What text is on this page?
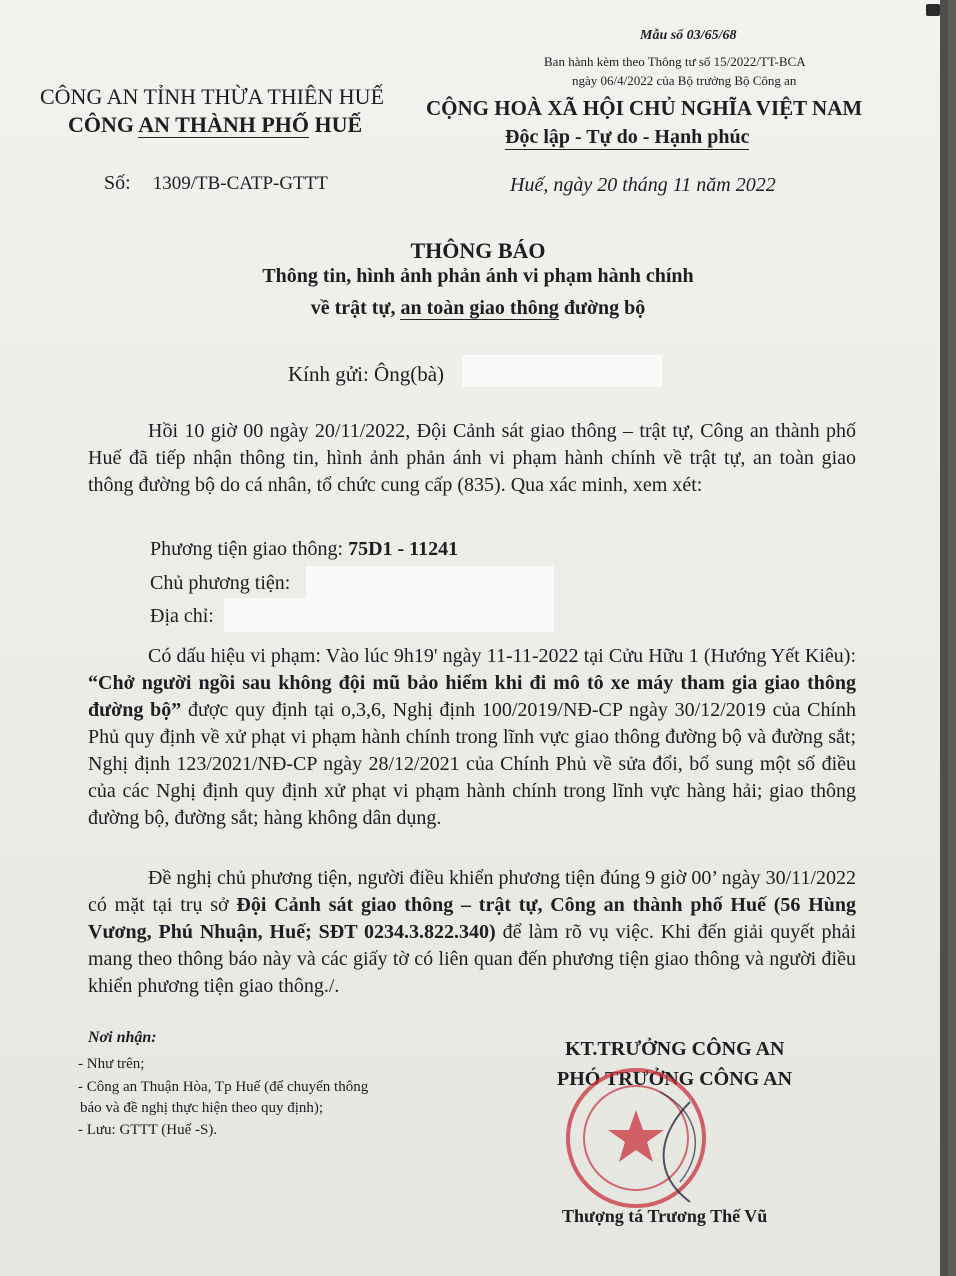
Mẫu số 03/65/68
Ban hành kèm theo Thông tư số 15/2022/TT-BCA
ngày 06/4/2022 của Bộ trưởng Bộ Công an
CÔNG AN TỈNH THỪA THIÊN HUẾ
CÔNG AN THÀNH PHỐ HUẾ
CỘNG HOÀ XÃ HỘI CHỦ NGHĨA VIỆT NAM
Độc lập - Tự do - Hạnh phúc
Số: 1309/TB-CATP-GTTT	Huế, ngày 20 tháng 11 năm 2022
THÔNG BÁO
Thông tin, hình ảnh phản ánh vi phạm hành chính
về trật tự, an toàn giao thông đường bộ
Kính gửi: Ông(bà)
Hồi 10 giờ 00 ngày 20/11/2022, Đội Cảnh sát giao thông – trật tự, Công an thành phố Huế đã tiếp nhận thông tin, hình ảnh phản ánh vi phạm hành chính về trật tự, an toàn giao thông đường bộ do cá nhân, tổ chức cung cấp (835). Qua xác minh, xem xét:
Phương tiện giao thông: 75D1 - 11241
Chủ phương tiện:
Địa chỉ:
Có dấu hiệu vi phạm: Vào lúc 9h19' ngày 11-11-2022 tại Cửu Hữu 1 (Hướng Yết Kiêu): “Chở người ngồi sau không đội mũ bảo hiểm khi đi mô tô xe máy tham gia giao thông đường bộ” được quy định tại o,3,6, Nghị định 100/2019/NĐ-CP ngày 30/12/2019 của Chính Phủ quy định về xử phạt vi phạm hành chính trong lĩnh vực giao thông đường bộ và đường sắt; Nghị định 123/2021/NĐ-CP ngày 28/12/2021 của Chính Phủ về sửa đổi, bổ sung một số điều của các Nghị định quy định xử phạt vi phạm hành chính trong lĩnh vực hàng hải; giao thông đường bộ, đường sắt; hàng không dân dụng.
Đề nghị chủ phương tiện, người điều khiển phương tiện đúng 9 giờ 00’ ngày 30/11/2022 có mặt tại trụ sở Đội Cảnh sát giao thông – trật tự, Công an thành phố Huế (56 Hùng Vương, Phú Nhuận, Huế; SĐT 0234.3.822.340) để làm rõ vụ việc. Khi đến giải quyết phải mang theo thông báo này và các giấy tờ có liên quan đến phương tiện giao thông và người điều khiển phương tiện giao thông./.
Nơi nhận:
- Như trên;
- Công an Thuận Hòa, Tp Huế (để chuyển thông
báo và đề nghị thực hiện theo quy định);
- Lưu: GTTT (Huế -S).
KT.TRƯỞNG CÔNG AN
PHÓ TRƯỞNG CÔNG AN
Thượng tá Trương Thế Vũ
